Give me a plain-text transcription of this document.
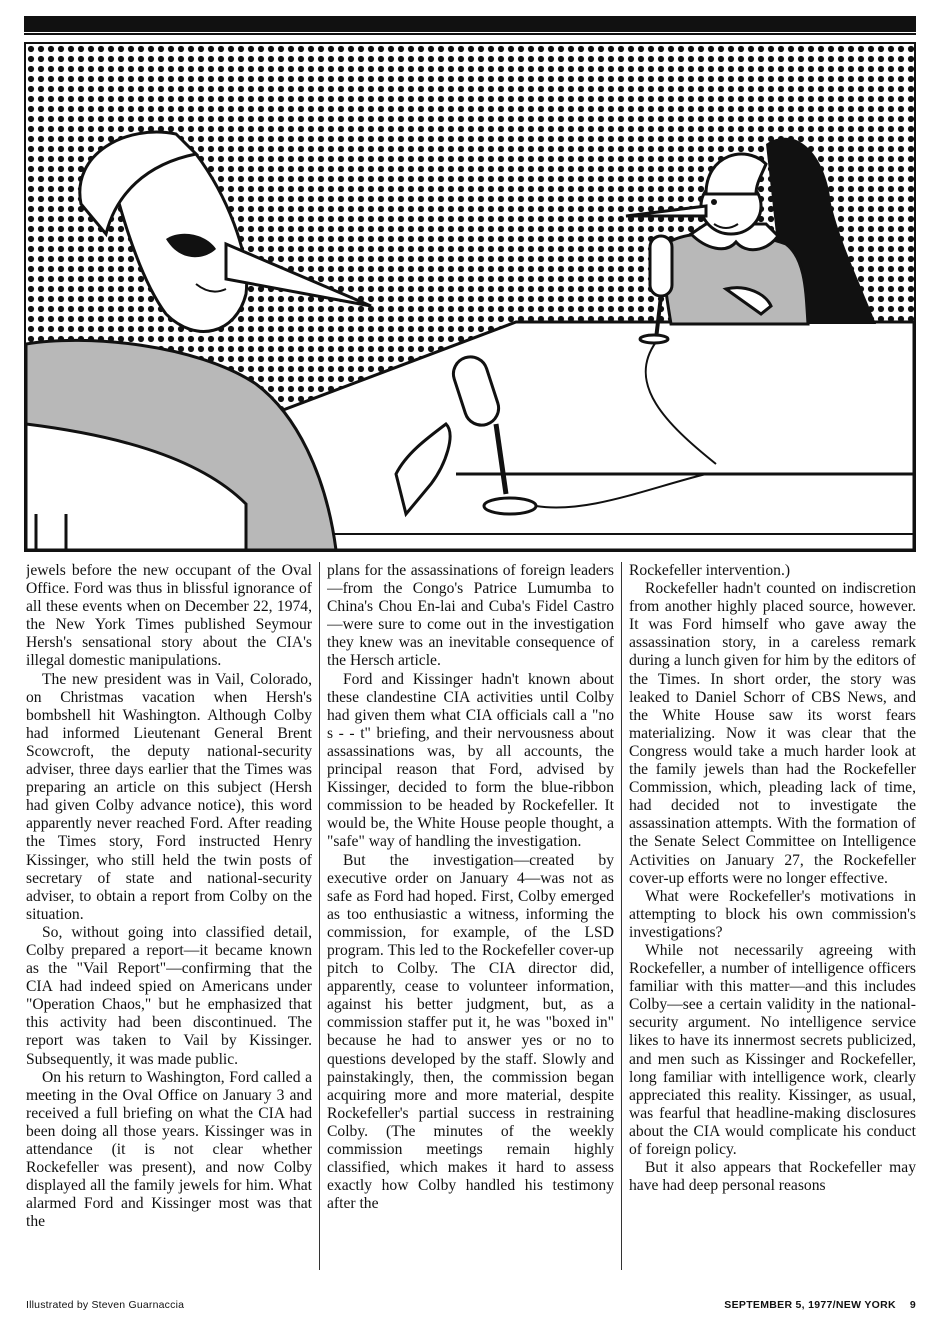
jewels before the new occupant of the Oval Office. Ford was thus in blissful ignorance of all these events when on December 22, 1974, the New York Times published Seymour Hersh's sensational story about the CIA's illegal domestic manipulations.

The new president was in Vail, Colorado, on Christmas vacation when Hersh's bombshell hit Washington. Although Colby had informed Lieutenant General Brent Scowcroft, the deputy national-security adviser, three days earlier that the Times was preparing an article on this subject (Hersh had given Colby advance notice), this word apparently never reached Ford. After reading the Times story, Ford instructed Henry Kissinger, who still held the twin posts of secretary of state and national-security adviser, to obtain a report from Colby on the situation.

So, without going into classified detail, Colby prepared a report—it became known as the "Vail Report"—confirming that the CIA had indeed spied on Americans under "Operation Chaos," but he emphasized that this activity had been discontinued. The report was taken to Vail by Kissinger. Subsequently, it was made public.

On his return to Washington, Ford called a meeting in the Oval Office on January 3 and received a full briefing on what the CIA had been doing all those years. Kissinger was in attendance (it is not clear whether Rockefeller was present), and now Colby displayed all the family jewels for him. What alarmed Ford and Kissinger most was that the

plans for the assassinations of foreign leaders—from the Congo's Patrice Lumumba to China's Chou En-lai and Cuba's Fidel Castro—were sure to come out in the investigation they knew was an inevitable consequence of the Hersch article.

Ford and Kissinger hadn't known about these clandestine CIA activities until Colby had given them what CIA officials call a "no s - - t" briefing, and their nervousness about assassinations was, by all accounts, the principal reason that Ford, advised by Kissinger, decided to form the blue-ribbon commission to be headed by Rockefeller. It would be, the White House people thought, a "safe" way of handling the investigation.

But the investigation—created by executive order on January 4—was not as safe as Ford had hoped. First, Colby emerged as too enthusiastic a witness, informing the commission, for example, of the LSD program. This led to the Rockefeller cover-up pitch to Colby. The CIA director did, apparently, cease to volunteer information, against his better judgment, but, as a commission staffer put it, he was "boxed in" because he had to answer yes or no to questions developed by the staff. Slowly and painstakingly, then, the commission began acquiring more and more material, despite Rockefeller's partial success in restraining Colby. (The minutes of the weekly commission meetings remain highly classified, which makes it hard to assess exactly how Colby handled his testimony after the

Rockefeller intervention.)

Rockefeller hadn't counted on indiscretion from another highly placed source, however. It was Ford himself who gave away the assassination story, in a careless remark during a lunch given for him by the editors of the Times. In short order, the story was leaked to Daniel Schorr of CBS News, and the White House saw its worst fears materializing. Now it was clear that the Congress would take a much harder look at the family jewels than had the Rockefeller Commission, which, pleading lack of time, had decided not to investigate the assassination attempts. With the formation of the Senate Select Committee on Intelligence Activities on January 27, the Rockefeller cover-up efforts were no longer effective.

What were Rockefeller's motivations in attempting to block his own commission's investigations?

While not necessarily agreeing with Rockefeller, a number of intelligence officers familiar with this matter—and this includes Colby—see a certain validity in the national-security argument. No intelligence service likes to have its innermost secrets publicized, and men such as Kissinger and Rockefeller, long familiar with intelligence work, clearly appreciated this reality. Kissinger, as usual, was fearful that headline-making disclosures about the CIA would complicate his conduct of foreign policy.

But it also appears that Rockefeller may have had deep personal reasons

Illustrated by Steven Guarnaccia	SEPTEMBER 5, 1977/NEW YORK 9
